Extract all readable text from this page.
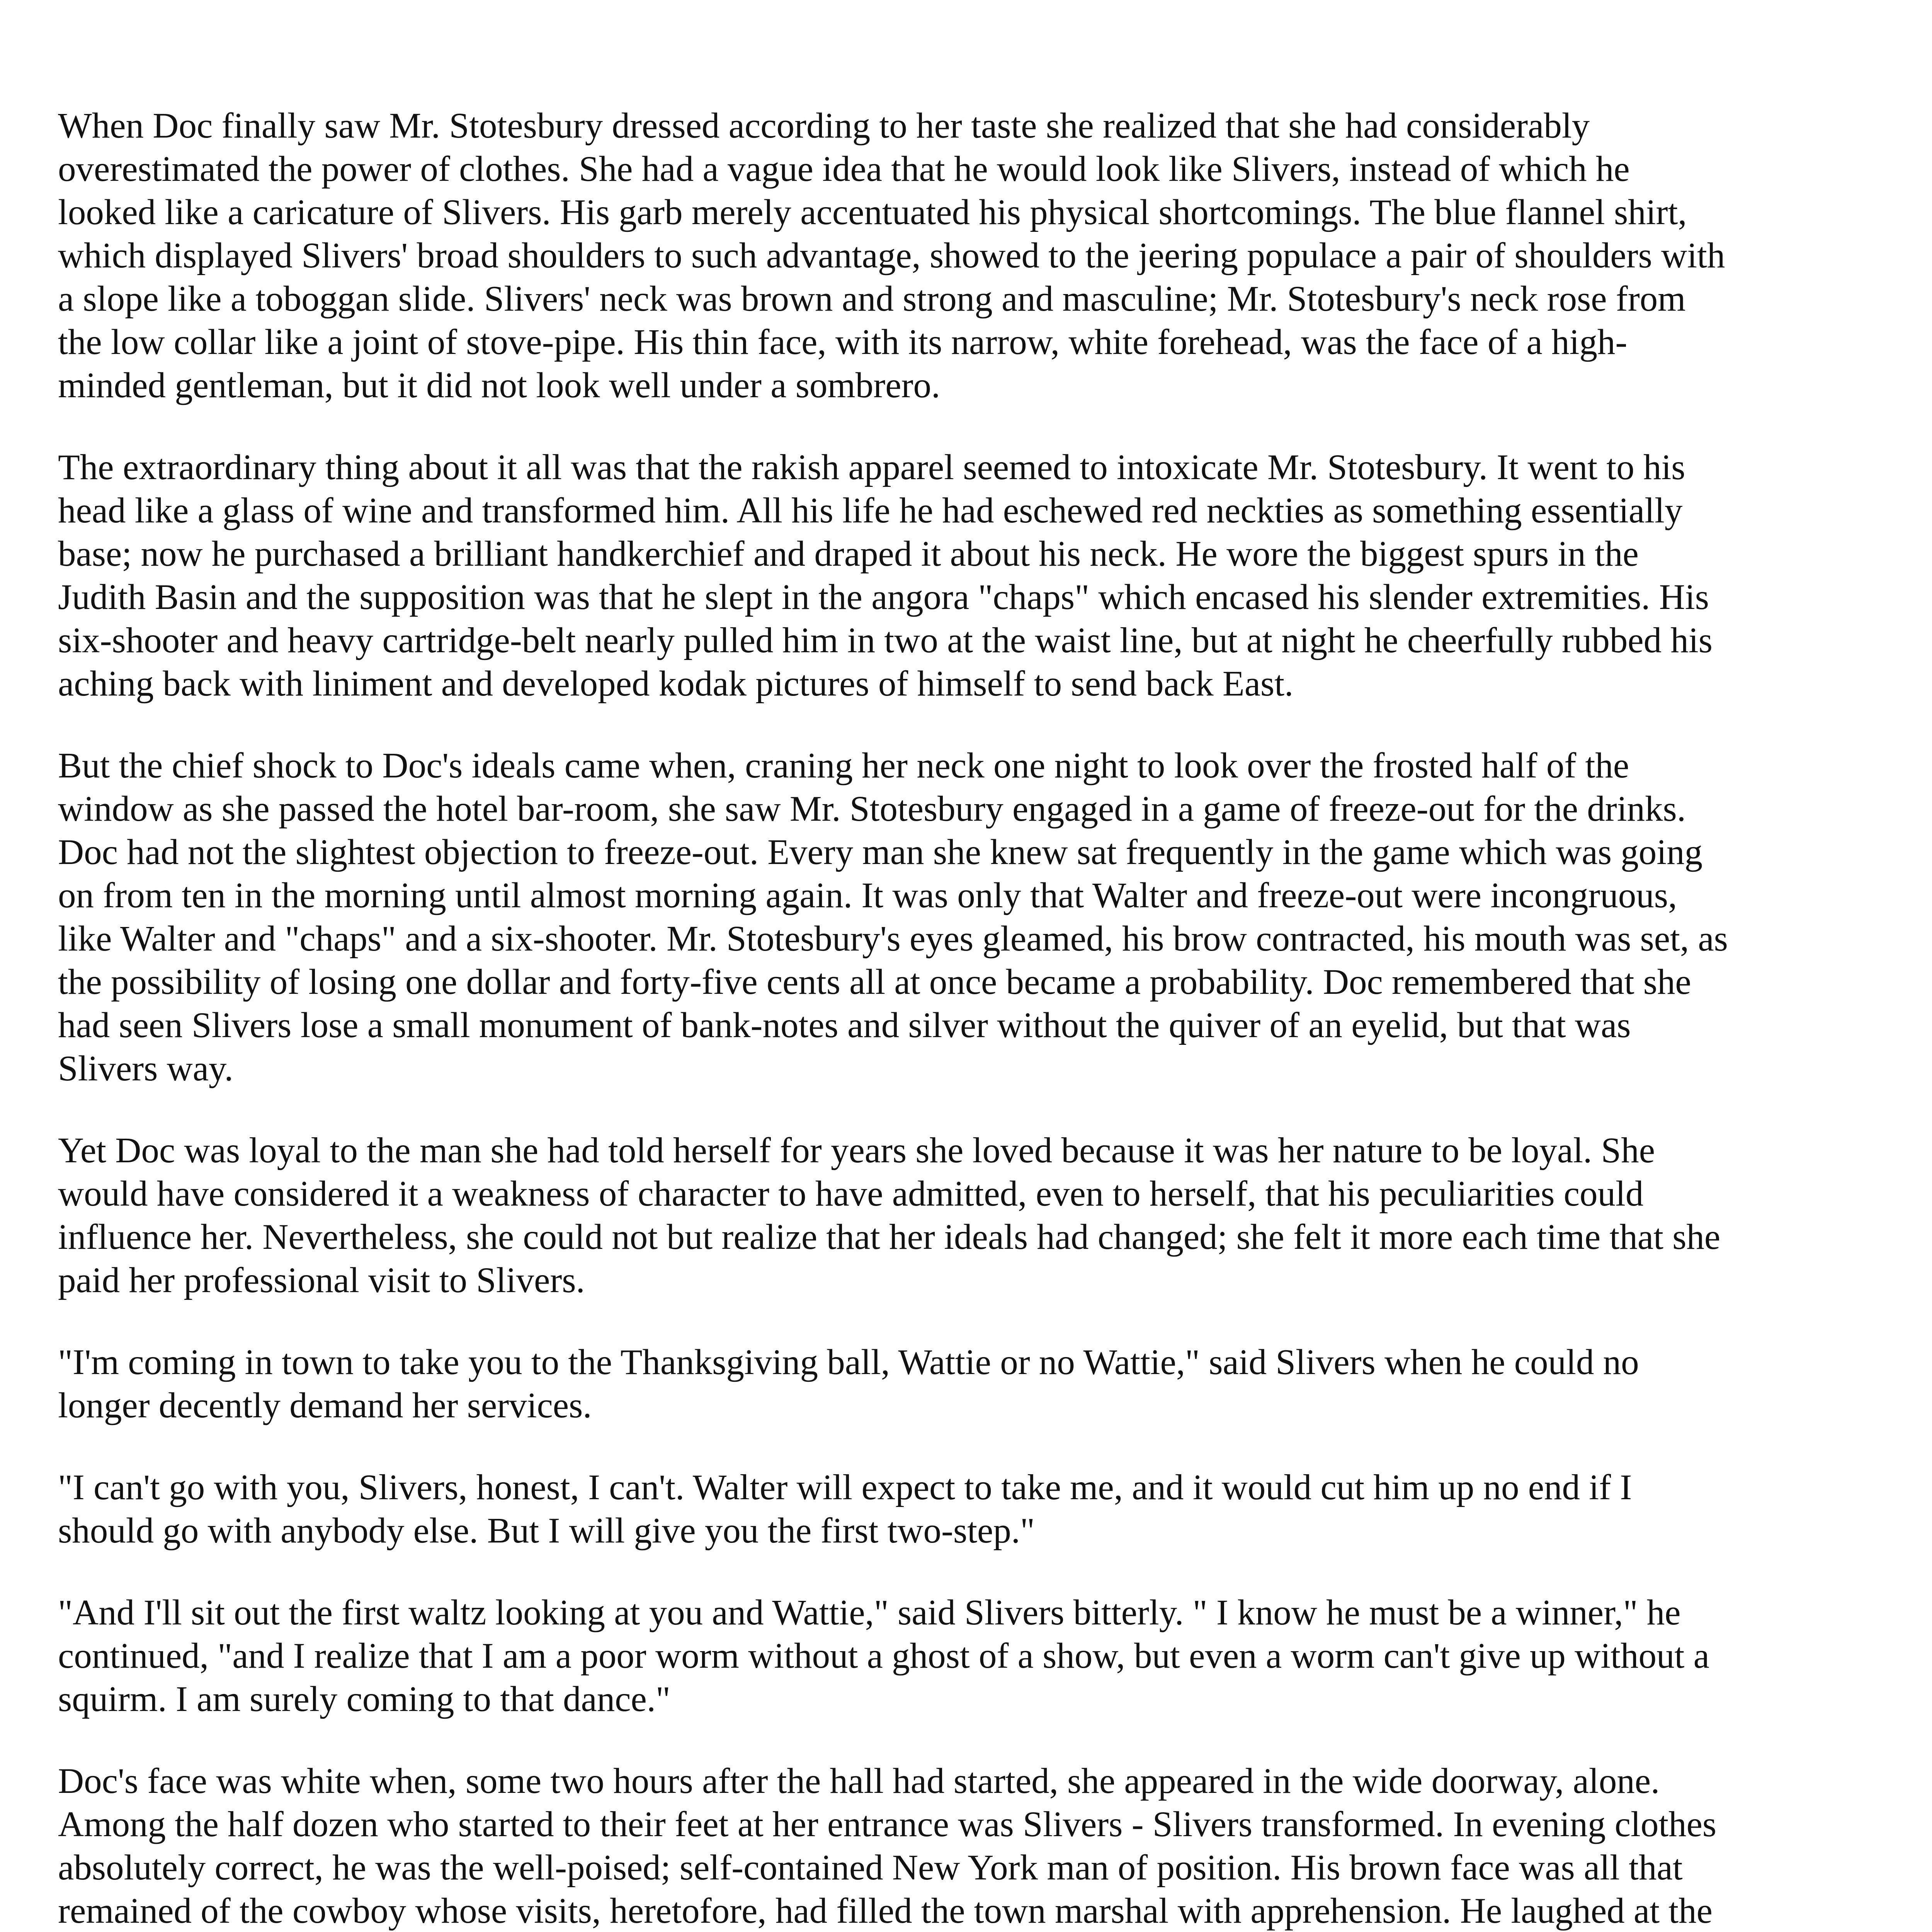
When Doc finally saw Mr. Stotesbury dressed according to her taste she realized that she had considerably overestimated the power of clothes. She had a vague idea that he would look like Slivers, instead of which he looked like a caricature of Slivers. His garb merely accentuated his physical shortcomings. The blue flannel shirt, which displayed Slivers' broad shoulders to such advantage, showed to the jeering populace a pair of shoulders with a slope like a toboggan slide. Slivers' neck was brown and strong and masculine; Mr. Stotesbury's neck rose from the low collar like a joint of stove-pipe. His thin face, with its narrow, white forehead, was the face of a high-minded gentleman, but it did not look well under a sombrero.

The extraordinary thing about it all was that the rakish apparel seemed to intoxicate Mr. Stotesbury. It went to his head like a glass of wine and transformed him. All his life he had eschewed red neckties as something essentially base; now he purchased a brilliant handkerchief and draped it about his neck. He wore the biggest spurs in the Judith Basin and the supposition was that he slept in the angora "chaps" which encased his slender extremities. His six-shooter and heavy cartridge-belt nearly pulled him in two at the waist line, but at night he cheerfully rubbed his aching back with liniment and developed kodak pictures of himself to send back East.

But the chief shock to Doc's ideals came when, craning her neck one night to look over the frosted half of the window as she passed the hotel bar-room, she saw Mr. Stotesbury engaged in a game of freeze-out for the drinks. Doc had not the slightest objection to freeze-out. Every man she knew sat frequently in the game which was going on from ten in the morning until almost morning again. It was only that Walter and freeze-out were incongruous, like Walter and "chaps" and a six-shooter. Mr. Stotesbury's eyes gleamed, his brow contracted, his mouth was set, as the possibility of losing one dollar and forty-five cents all at once became a probability. Doc remembered that she had seen Slivers lose a small monument of bank-notes and silver without the quiver of an eyelid, but that was Slivers way.

Yet Doc was loyal to the man she had told herself for years she loved because it was her nature to be loyal. She would have considered it a weakness of character to have admitted, even to herself, that his peculiarities could influence her. Nevertheless, she could not but realize that her ideals had changed; she felt it more each time that she paid her professional visit to Slivers.

"I'm coming in town to take you to the Thanksgiving ball, Wattie or no Wattie," said Slivers when he could no longer decently demand her services.

"I can't go with you, Slivers, honest, I can't. Walter will expect to take me, and it would cut him up no end if I should go with anybody else. But I will give you the first two-step."

"And I'll sit out the first waltz looking at you and Wattie," said Slivers bitterly. " I know he must be a winner," he continued, "and I realize that I am a poor worm without a ghost of a show, but even a worm can't give up without a squirm. I am surely coming to that dance."

Doc's face was white when, some two hours after the hall had started, she appeared in the wide doorway, alone. Among the half dozen who started to their feet at her entrance was Slivers - Slivers transformed. In evening clothes absolutely correct, he was the well-poised; self-contained New York man of position. His brown face was all that remained of the cowboy whose visits, heretofore, had filled the town marshal with apprehension. He laughed at the
